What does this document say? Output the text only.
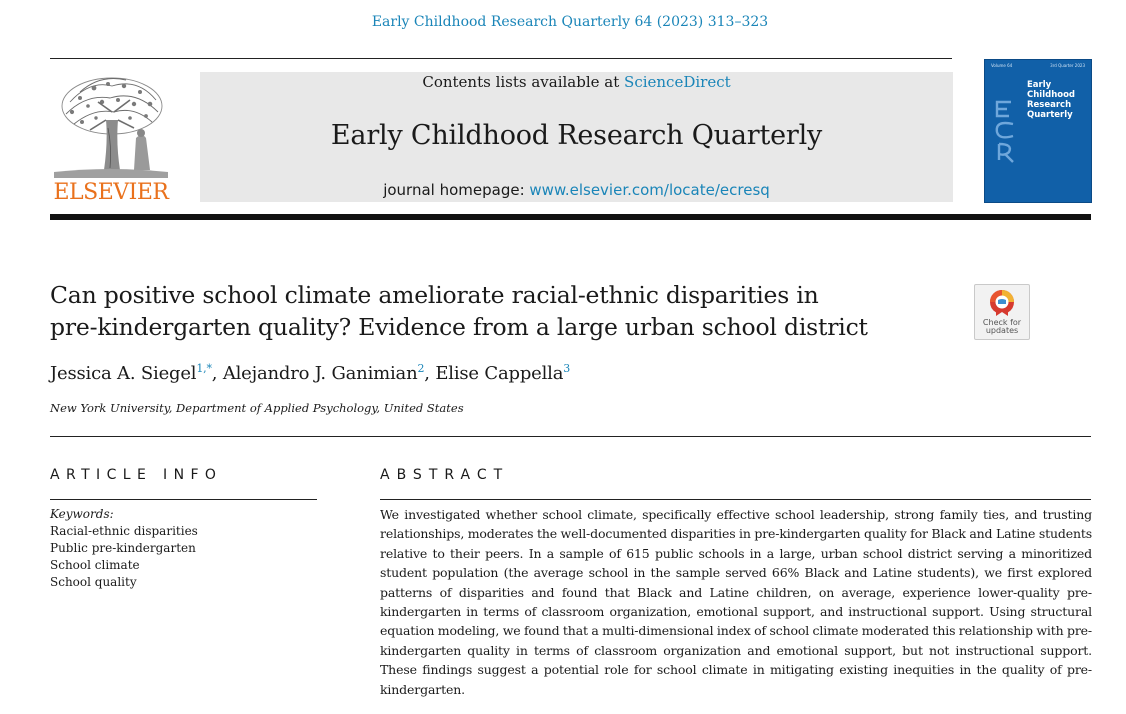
Early Childhood Research Quarterly 64 (2023) 313–323
ELSEVIER
Contents lists available at ScienceDirect
Early Childhood Research Quarterly
journal homepage: www.elsevier.com/locate/ecresq
Volume 64	3rd Quarter 2023
Early
Childhood
Research
Quarterly
Can positive school climate ameliorate racial-ethnic disparities in
pre-kindergarten quality? Evidence from a large urban school district	Check for
updates
Jessica A. Siegel$^{1,*}$, Alejandro J. Ganimian$^2$, Elise Cappella$^3$
New York University, Department of Applied Psychology, United States
ARTICLE INFO
Keywords:
Racial-ethnic disparities
Public pre-kindergarten
School climate
School quality
ABSTRACT
We investigated whether school climate, specifically effective school leadership, strong family ties, and trusting relationships, moderates the well-documented disparities in pre-kindergarten quality for Black and Latine students relative to their peers. In a sample of 615 public schools in a large, urban school district serving a minoritized student population (the average school in the sample served 66% Black and Latine students), we first explored patterns of disparities and found that Black and Latine children, on average, experience lower-quality pre-kindergarten in terms of classroom organization, emotional support, and instructional support. Using structural equation modeling, we found that a multi-dimensional index of school climate moderated this relationship with pre-kindergarten quality in terms of classroom organization and emotional support, but not instructional support. These findings suggest a potential role for school climate in mitigating existing inequities in the quality of pre-kindergarten.
